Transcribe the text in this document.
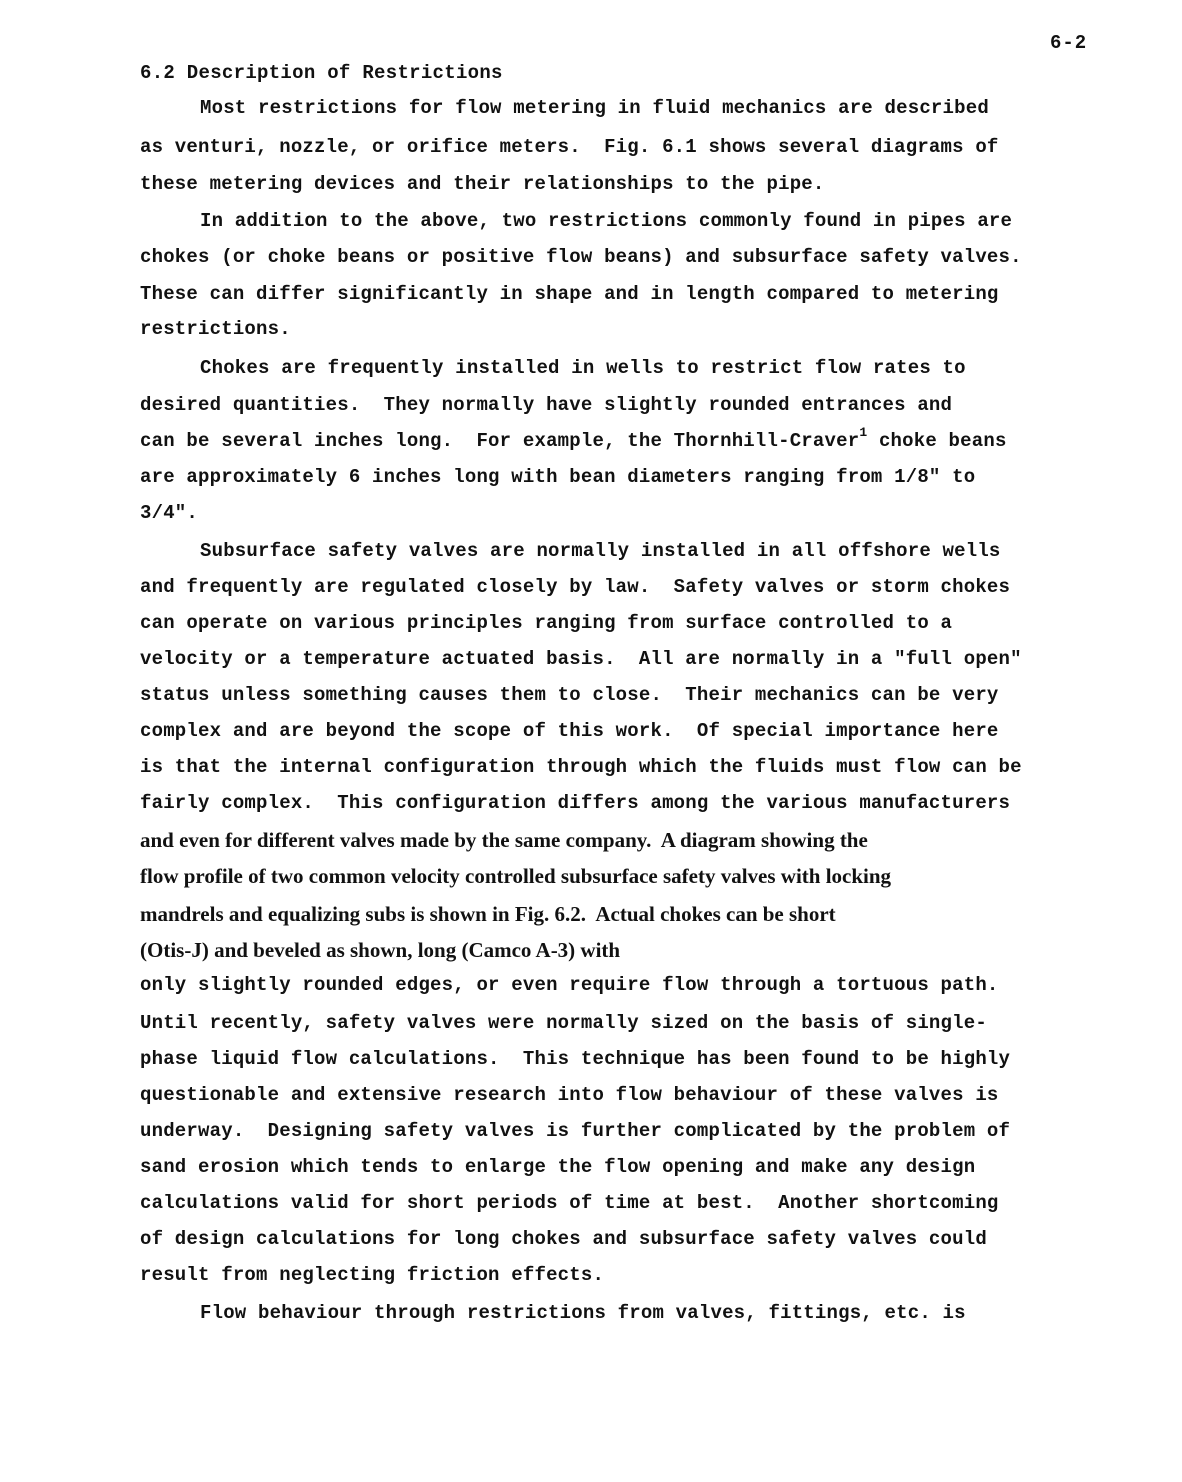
6-2
6.2 Description of Restrictions
Most restrictions for flow metering in fluid mechanics are described
as venturi, nozzle, or orifice meters.  Fig. 6.1 shows several diagrams of
these metering devices and their relationships to the pipe.
In addition to the above, two restrictions commonly found in pipes are
chokes (or choke beans or positive flow beans) and subsurface safety valves.
These can differ significantly in shape and in length compared to metering
restrictions.
Chokes are frequently installed in wells to restrict flow rates to
desired quantities.  They normally have slightly rounded entrances and
can be several inches long.  For example, the Thornhill-Craver$^1$ choke beans
are approximately 6 inches long with bean diameters ranging from 1/8" to
3/4".
Subsurface safety valves are normally installed in all offshore wells
and frequently are regulated closely by law.  Safety valves or storm chokes
can operate on various principles ranging from surface controlled to a
velocity or a temperature actuated basis.  All are normally in a "full open"
status unless something causes them to close.  Their mechanics can be very
complex and are beyond the scope of this work.  Of special importance here
is that the internal configuration through which the fluids must flow can be
fairly complex.  This configuration differs among the various manufacturers
and even for different valves made by the same company.  A diagram showing the
flow profile of two common velocity controlled subsurface safety valves with locking
mandrels and equalizing subs is shown in Fig. 6.2.  Actual chokes can be short
(Otis-J) and beveled as shown, long (Camco A-3) with
only slightly rounded edges, or even require flow through a tortuous path.
Until recently, safety valves were normally sized on the basis of single-
phase liquid flow calculations.  This technique has been found to be highly
questionable and extensive research into flow behaviour of these valves is
underway.  Designing safety valves is further complicated by the problem of
sand erosion which tends to enlarge the flow opening and make any design
calculations valid for short periods of time at best.  Another shortcoming
of design calculations for long chokes and subsurface safety valves could
result from neglecting friction effects.
Flow behaviour through restrictions from valves, fittings, etc. is
